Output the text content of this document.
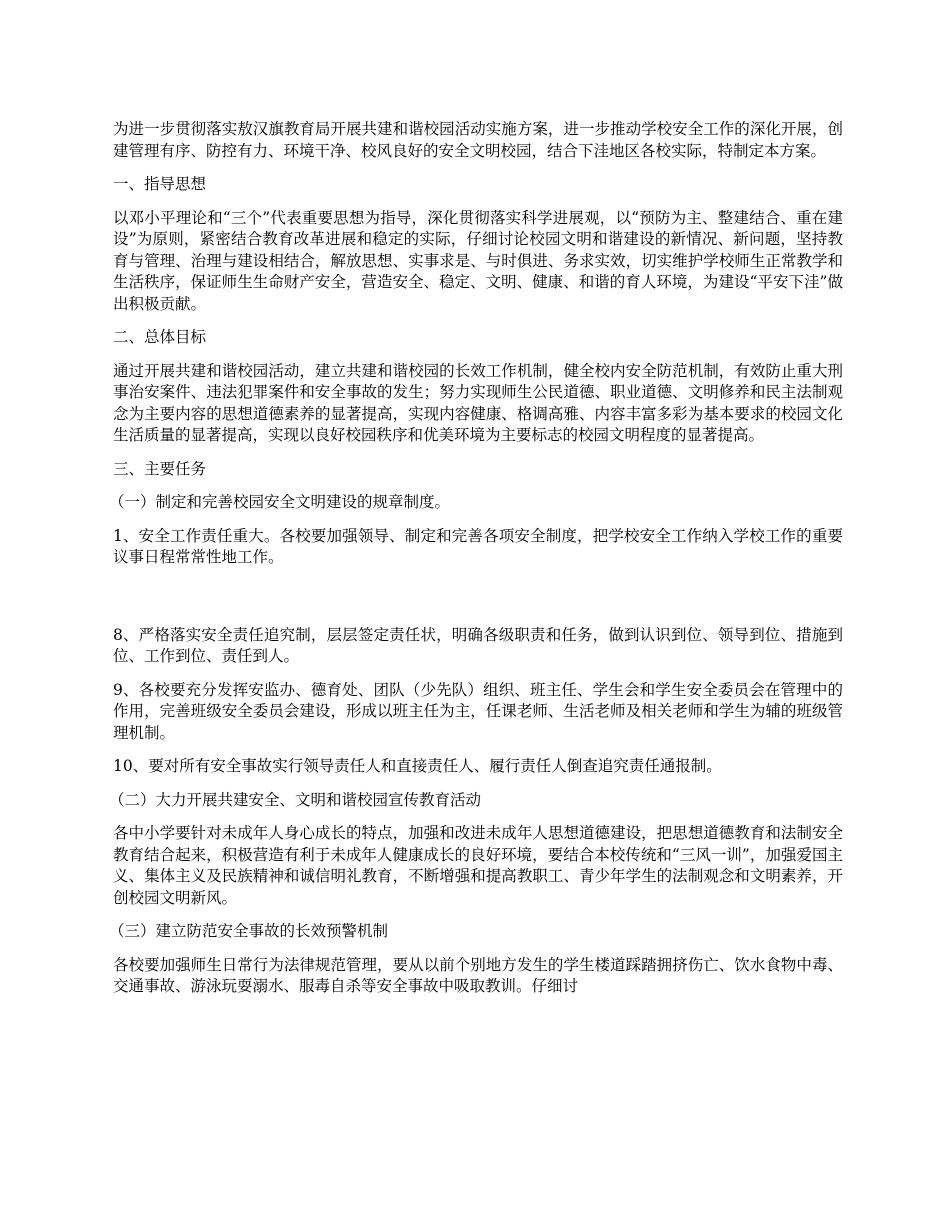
为进一步贯彻落实敖汉旗教育局开展共建和谐校园活动实施方案，进一步推动学校安全工作的深化开展，创建管理有序、防控有力、环境干净、校风良好的安全文明校园，结合下洼地区各校实际，特制定本方案。

一、指导思想

以邓小平理论和“三个”代表重要思想为指导，深化贯彻落实科学进展观，以“预防为主、整建结合、重在建设”为原则，紧密结合教育改革进展和稳定的实际，仔细讨论校园文明和谐建设的新情况、新问题，坚持教育与管理、治理与建设相结合，解放思想、实事求是、与时俱进、务求实效，切实维护学校师生正常教学和生活秩序，保证师生生命财产安全，营造安全、稳定、文明、健康、和谐的育人环境，为建设“平安下洼”做出积极贡献。

二、总体目标

通过开展共建和谐校园活动，建立共建和谐校园的长效工作机制，健全校内安全防范机制，有效防止重大刑事治安案件、违法犯罪案件和安全事故的发生；努力实现师生公民道德、职业道德、文明修养和民主法制观念为主要内容的思想道德素养的显著提高，实现内容健康、格调高雅、内容丰富多彩为基本要求的校园文化生活质量的显著提高，实现以良好校园秩序和优美环境为主要标志的校园文明程度的显著提高。

三、主要任务

（一）制定和完善校园安全文明建设的规章制度。

1、安全工作责任重大。各校要加强领导、制定和完善各项安全制度，把学校安全工作纳入学校工作的重要议事日程常常性地工作。

8、严格落实安全责任追究制，层层签定责任状，明确各级职责和任务，做到认识到位、领导到位、措施到位、工作到位、责任到人。

9、各校要充分发挥安监办、德育处、团队（少先队）组织、班主任、学生会和学生安全委员会在管理中的作用，完善班级安全委员会建设，形成以班主任为主，任课老师、生活老师及相关老师和学生为辅的班级管理机制。

10、要对所有安全事故实行领导责任人和直接责任人、履行责任人倒查追究责任通报制。

（二）大力开展共建安全、文明和谐校园宣传教育活动

各中小学要针对未成年人身心成长的特点，加强和改进未成年人思想道德建设，把思想道德教育和法制安全教育结合起来，积极营造有利于未成年人健康成长的良好环境，要结合本校传统和“三风一训”，加强爱国主义、集体主义及民族精神和诚信明礼教育，不断增强和提高教职工、青少年学生的法制观念和文明素养，开创校园文明新风。

（三）建立防范安全事故的长效预警机制

各校要加强师生日常行为法律规范管理，要从以前个别地方发生的学生楼道踩踏拥挤伤亡、饮水食物中毒、交通事故、游泳玩耍溺水、服毒自杀等安全事故中吸取教训。仔细讨
